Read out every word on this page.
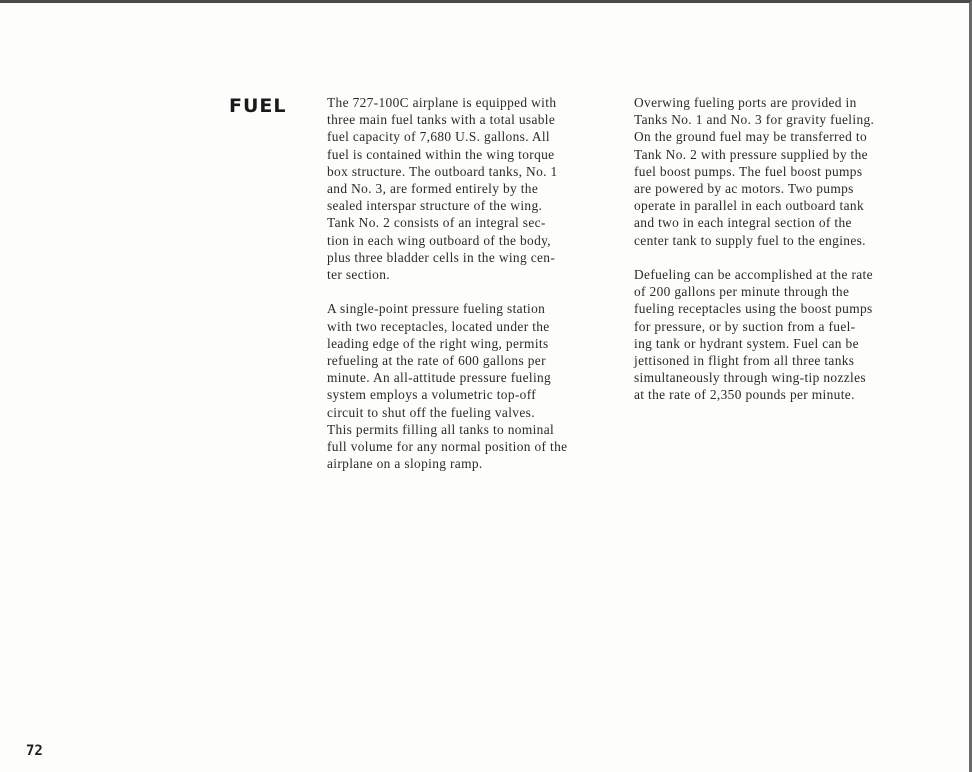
FUEL	The 727-100C airplane is equipped with
three main fuel tanks with a total usable
fuel capacity of 7,680 U.S. gallons. All
fuel is contained within the wing torque
box structure. The outboard tanks, No. 1
and No. 3, are formed entirely by the
sealed interspar structure of the wing.
Tank No. 2 consists of an integral sec-
tion in each wing outboard of the body,
plus three bladder cells in the wing cen-
ter section.
A single-point pressure fueling station
with two receptacles, located under the
leading edge of the right wing, permits
refueling at the rate of 600 gallons per
minute. An all-attitude pressure fueling
system employs a volumetric top-off
circuit to shut off the fueling valves.
This permits filling all tanks to nominal
full volume for any normal position of the
airplane on a sloping ramp.
Overwing fueling ports are provided in
Tanks No. 1 and No. 3 for gravity fueling.
On the ground fuel may be transferred to
Tank No. 2 with pressure supplied by the
fuel boost pumps. The fuel boost pumps
are powered by ac motors. Two pumps
operate in parallel in each outboard tank
and two in each integral section of the
center tank to supply fuel to the engines.
Defueling can be accomplished at the rate
of 200 gallons per minute through the
fueling receptacles using the boost pumps
for pressure, or by suction from a fuel-
ing tank or hydrant system. Fuel can be
jettisoned in flight from all three tanks
simultaneously through wing-tip nozzles
at the rate of 2,350 pounds per minute.
72
